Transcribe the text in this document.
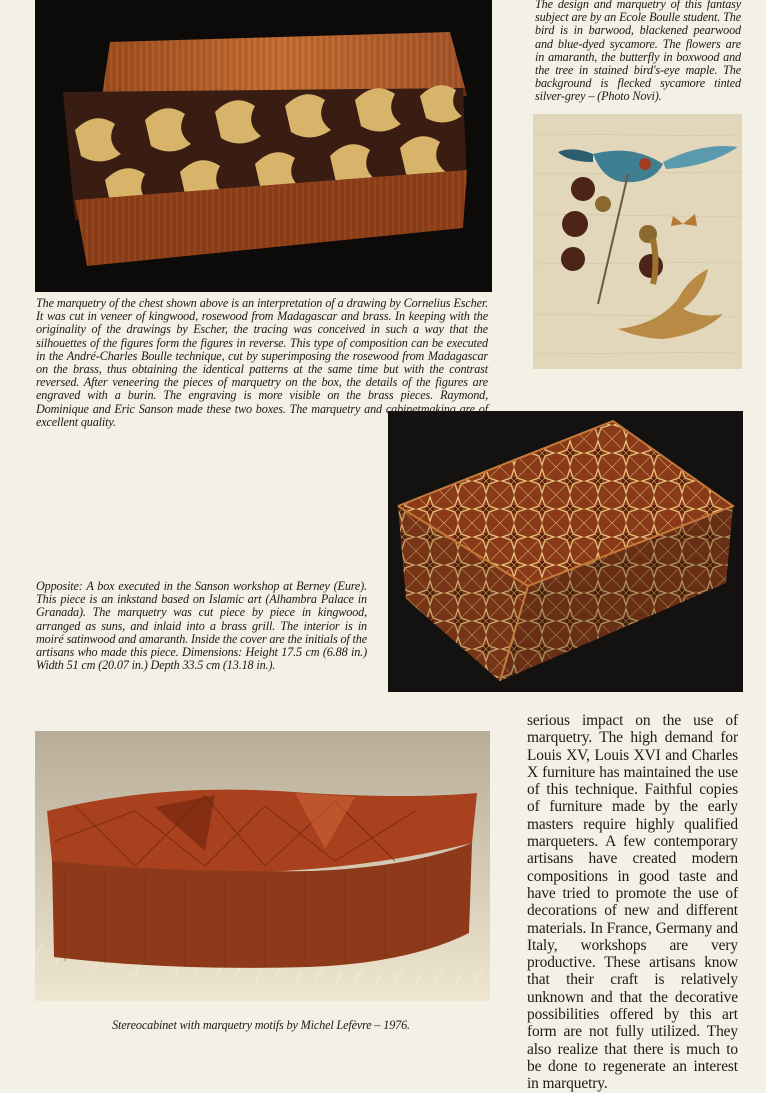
The marquetry of the chest shown above is an interpretation of a drawing by Cornelius Escher. It was cut in veneer of kingwood, rosewood from Madagascar and brass. In keeping with the originality of the drawings by Escher, the tracing was conceived in such a way that the silhouettes of the figures form the figures in reverse. This type of composition can be executed in the André-Charles Boulle technique, cut by superimposing the rosewood from Madagascar on the brass, thus obtaining the identical patterns at the same time but with the contrast reversed. After veneering the pieces of marquetry on the box, the details of the figures are engraved with a burin. The engraving is more visible on the brass pieces. Raymond, Dominique and Eric Sanson made these two boxes. The marquetry and cabinetmaking are of excellent quality.

The design and marquetry of this fantasy subject are by an Ecole Boulle student. The bird is in barwood, blackened pearwood and blue-dyed sycamore. The flowers are in amaranth, the butterfly in boxwood and the tree in stained bird's-eye maple. The background is flecked sycamore tinted silver-grey – (Photo Novi).

Opposite: A box executed in the Sanson workshop at Berney (Eure). This piece is an inkstand based on Islamic art (Alhambra Palace in Granada). The marquetry was cut piece by piece in kingwood, arranged as suns, and inlaid into a brass grill. The interior is in moiré satinwood and amaranth. Inside the cover are the initials of the artisans who made this piece. Dimensions: Height 17.5 cm (6.88 in.) Width 51 cm (20.07 in.) Depth 33.5 cm (13.18 in.).

Stereocabinet with marquetry motifs by Michel Lefèvre – 1976.

serious impact on the use of marquetry. The high demand for Louis XV, Louis XVI and Charles X furniture has maintained the use of this technique. Faithful copies of furniture made by the early masters require highly qualified marqueters. A few contemporary artisans have created modern compositions in good taste and have tried to promote the use of decorations of new and different materials. In France, Germany and Italy, workshops are very productive. These artisans know that their craft is relatively unknown and that the decorative possibilities offered by this art form are not fully utilized. They also realize that there is much to be done to regenerate an interest in marquetry.
